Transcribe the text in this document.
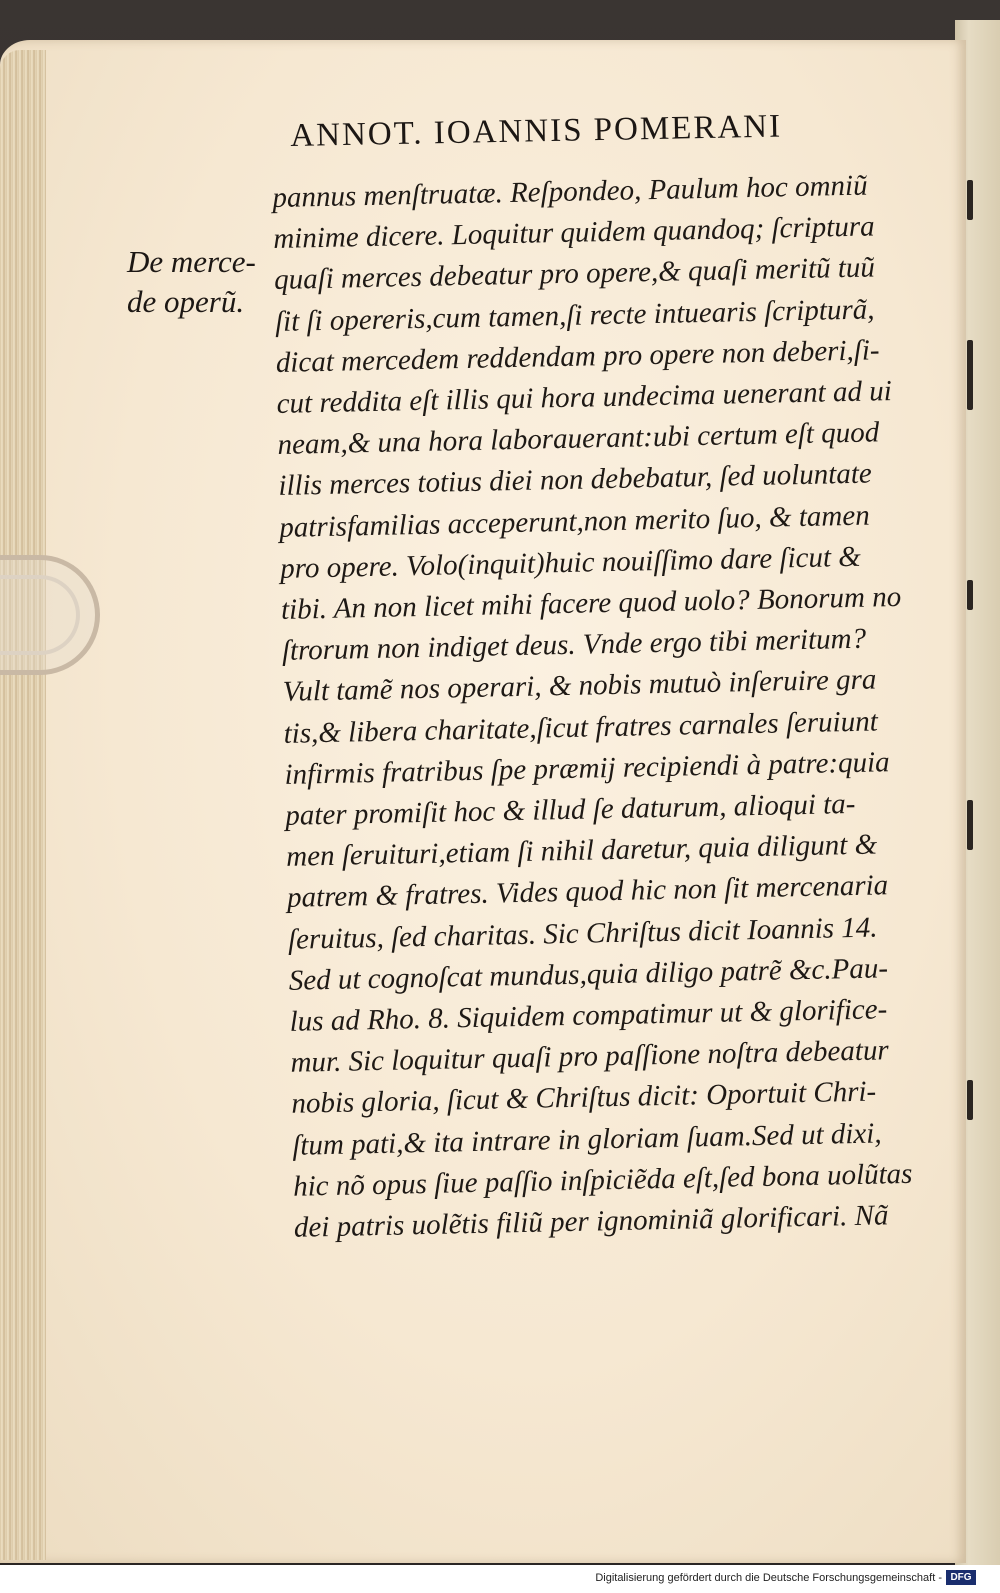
ANNOT. IOANNIS POMERANI
De merce-
de operũ.
pannus menſtruatæ. Reſpondeo, Paulum hoc omniũ
minime dicere. Loquitur quidem quandoq; ſcriptura
quaſi merces debeatur pro opere,& quaſi meritũ tuũ
ſit ſi opereris,cum tamen,ſi recte intuearis ſcripturã,
dicat mercedem reddendam pro opere non deberi,ſi-
cut reddita eſt illis qui hora undecima uenerant ad ui
neam,& una hora laborauerant:ubi certum eſt quod
illis merces totius diei non debebatur, ſed uoluntate
patrisfamilias acceperunt,non merito ſuo, & tamen
pro opere. Volo(inquit)huic nouiſſimo dare ſicut &
tibi. An non licet mihi facere quod uolo? Bonorum no
ſtrorum non indiget deus. Vnde ergo tibi meritum?
Vult tamẽ nos operari, & nobis mutuò inſeruire gra
tis,& libera charitate,ſicut fratres carnales ſeruiunt
infirmis fratribus ſpe præmij recipiendi à patre:quia
pater promiſit hoc & illud ſe daturum, alioqui ta-
men ſeruituri,etiam ſi nihil daretur, quia diligunt &
patrem & fratres. Vides quod hic non ſit mercenaria
ſeruitus, ſed charitas. Sic Chriſtus dicit Ioannis 14.
Sed ut cognoſcat mundus,quia diligo patrẽ &c.Pau-
lus ad Rho. 8. Siquidem compatimur ut & glorifice-
mur. Sic loquitur quaſi pro paſſione noſtra debeatur
nobis gloria, ſicut & Chriſtus dicit: Oportuit Chri-
ſtum pati,& ita intrare in gloriam ſuam.Sed ut dixi,
hic nõ opus ſiue paſſio inſpiciẽda eſt,ſed bona uolũtas
dei patris uolẽtis filiũ per ignominiã glorificari. Nã
Digitalisierung gefördert durch die Deutsche Forschungsgemeinschaft - DFG
